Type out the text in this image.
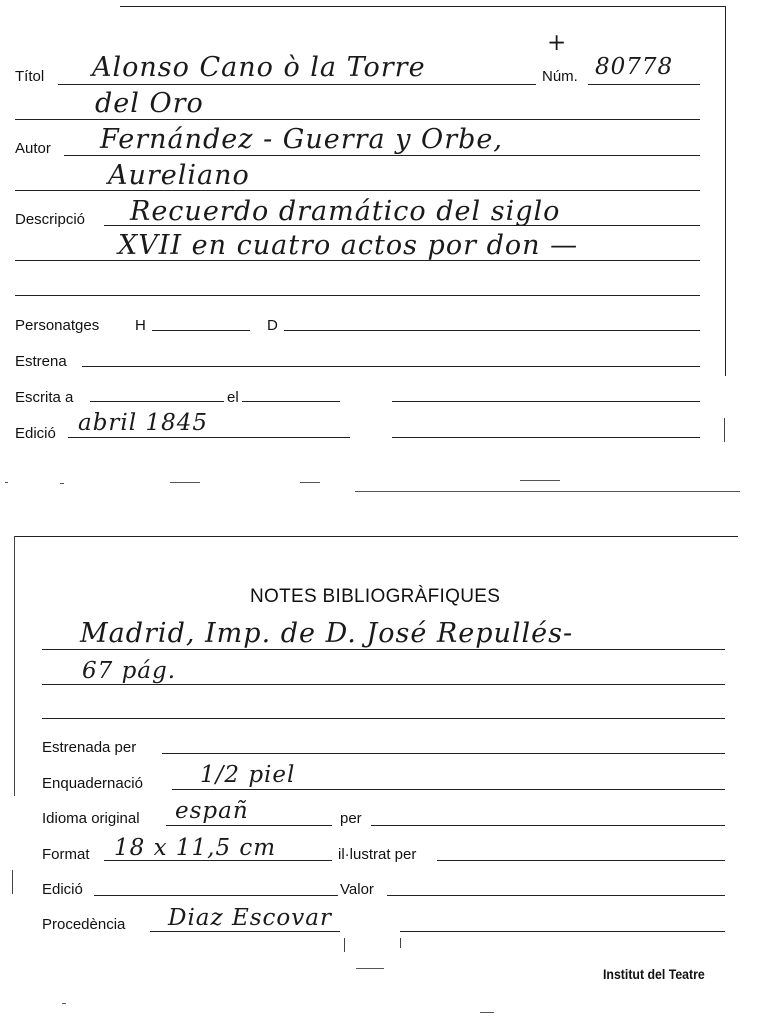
Títol Alonso Cano ò la Torre
+
Núm. 80778
del Oro
Autor Fernández - Guerra y Orbe,
Aureliano
Descripció Recuerdo dramático del siglo
XVII en cuatro actos por don —
Personatges H	D
Estrena
Escrita a	el
Edició abril 1845
NOTES BIBLIOGRÀFIQUES
Madrid, Imp. de D. José Repullés-
67 pág.
Estrenada per
Enquadernació 1/2 piel
Idioma original españ	per
Format 18 x 11,5 cm	il·lustrat per
Edició	Valor
Procedència Diaz Escovar
Institut del Teatre
